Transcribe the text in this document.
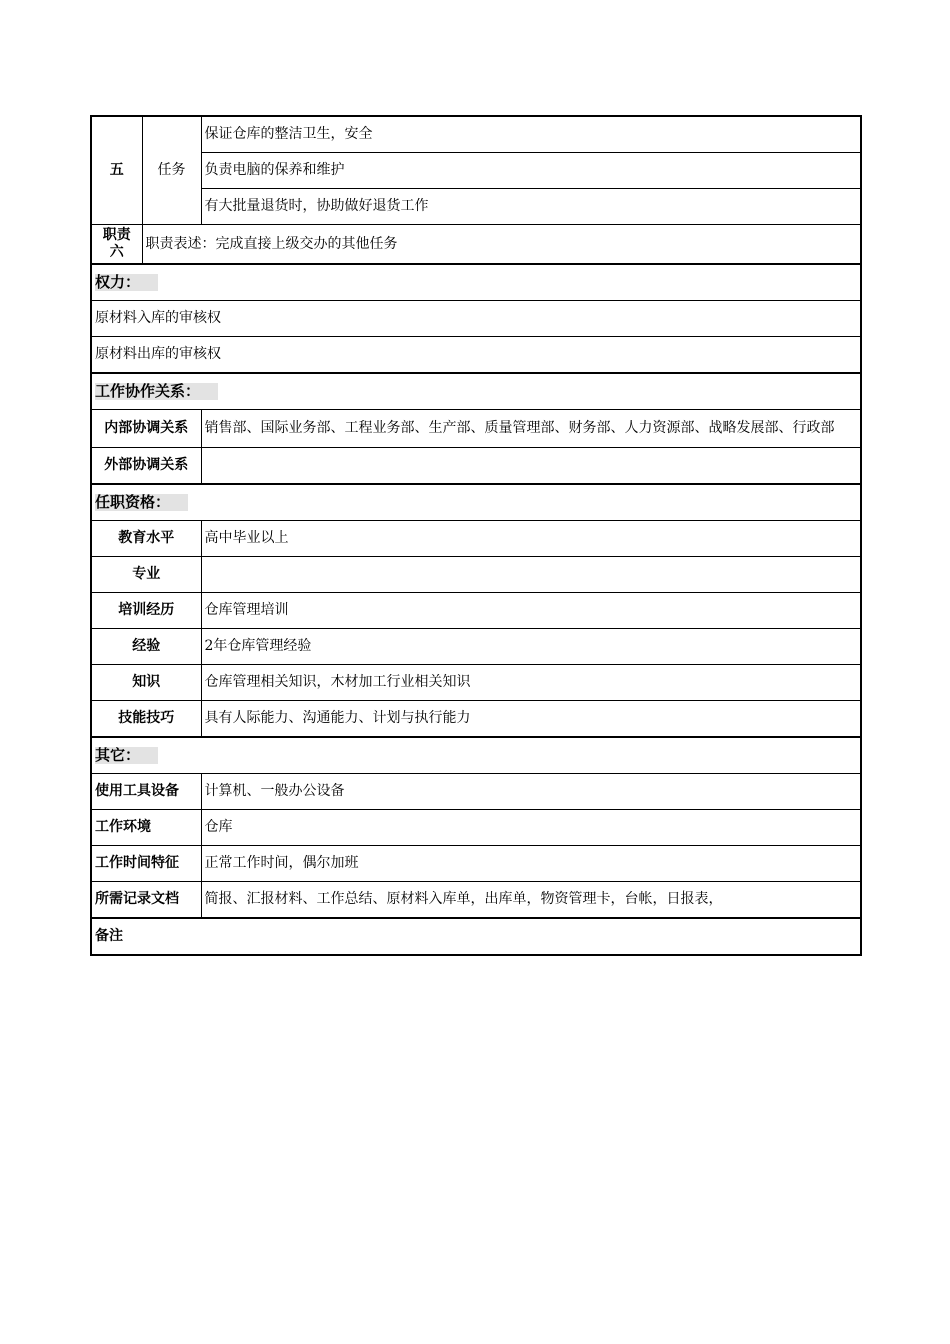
五	任务	保证仓库的整洁卫生，安全
		负责电脑的保养和维护
		有大批量退货时，协助做好退货工作
职责六	职责表述：完成直接上级交办的其他任务	
权力：		
原材料入库的审核权		
原材料出库的审核权		
工作协作关系：		
内部协调关系		销售部、国际业务部、工程业务部、生产部、质量管理部、财务部、人力资源部、战略发展部、行政部
外部协调关系		
任职资格：		
教育水平		高中毕业以上
专业		
培训经历		仓库管理培训
经验		2年仓库管理经验
知识		仓库管理相关知识，木材加工行业相关知识
技能技巧		具有人际能力、沟通能力、计划与执行能力
其它：		
使用工具设备		计算机、一般办公设备
工作环境		仓库
工作时间特征		正常工作时间，偶尔加班
所需记录文档		简报、汇报材料、工作总结、原材料入库单，出库单，物资管理卡，台帐，日报表，
备注		
